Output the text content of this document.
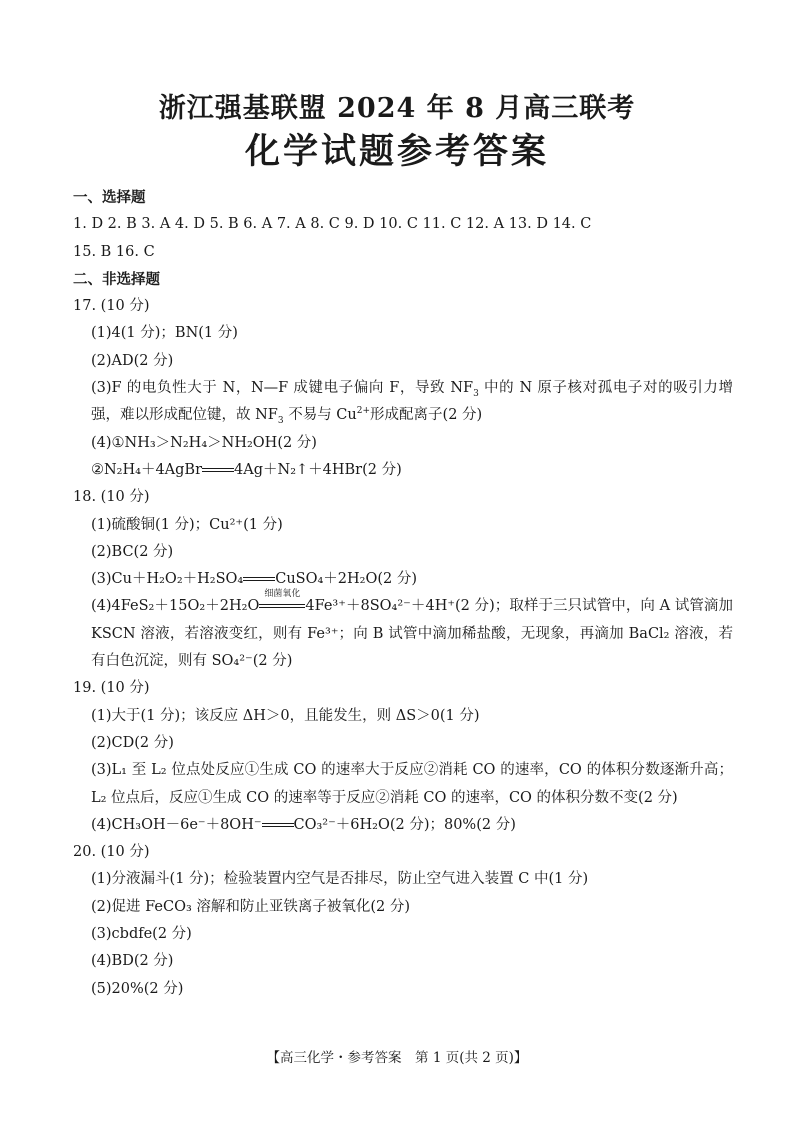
浙江强基联盟 2024 年 8 月高三联考
化学试题参考答案
一、选择题
1. D 2. B 3. A 4. D 5. B 6. A 7. A 8. C 9. D 10. C 11. C 12. A 13. D 14. C
15. B 16. C
二、非选择题
17. (10 分)
(1)4(1 分)；BN(1 分)
(2)AD(2 分)
(3)F 的电负性大于 N，N—F 成键电子偏向 F，导致 $NF_3$ 中的 N 原子核对孤电子对的吸引力增强，难以形成配位键，故 $NF_3$ 不易与 $Cu^{2+}$形成配离子(2 分)
(4)①NH₃＞N₂H₄＞NH₂OH(2 分)
②N₂H₄＋4AgBr 4Ag＋N₂↑＋4HBr(2 分)
18. (10 分)
(1)硫酸铜(1 分)；Cu²⁺(1 分)
(2)BC(2 分)
(3)Cu＋H₂O₂＋H₂SO₄ CuSO₄＋2H₂O(2 分)
(4)4FeS₂＋15O₂＋2H₂O
细菌氧化
4Fe³⁺＋8SO₄²⁻＋4H⁺(2 分)；取样于三只试管中，向 A 试管滴加 KSCN 溶液，若溶液变红，则有 Fe³⁺；向 B 试管中滴加稀盐酸，无现象，再滴加 BaCl₂ 溶液，若有白色沉淀，则有 SO₄²⁻(2 分)
19. (10 分)
(1)大于(1 分)；该反应 ΔH＞0，且能发生，则 ΔS＞0(1 分)
(2)CD(2 分)
(3)L₁ 至 L₂ 位点处反应①生成 CO 的速率大于反应②消耗 CO 的速率，CO 的体积分数逐渐升高；L₂ 位点后，反应①生成 CO 的速率等于反应②消耗 CO 的速率，CO 的体积分数不变(2 分)
(4)CH₃OH－6e⁻＋8OH⁻ CO₃²⁻＋6H₂O(2 分)；80%(2 分)
20. (10 分)
(1)分液漏斗(1 分)；检验装置内空气是否排尽，防止空气进入装置 C 中(1 分)
(2)促进 FeCO₃ 溶解和防止亚铁离子被氧化(2 分)
(3)cbdfe(2 分)
(4)BD(2 分)
(5)20%(2 分)
【高三化学・参考答案　第 1 页(共 2 页)】
